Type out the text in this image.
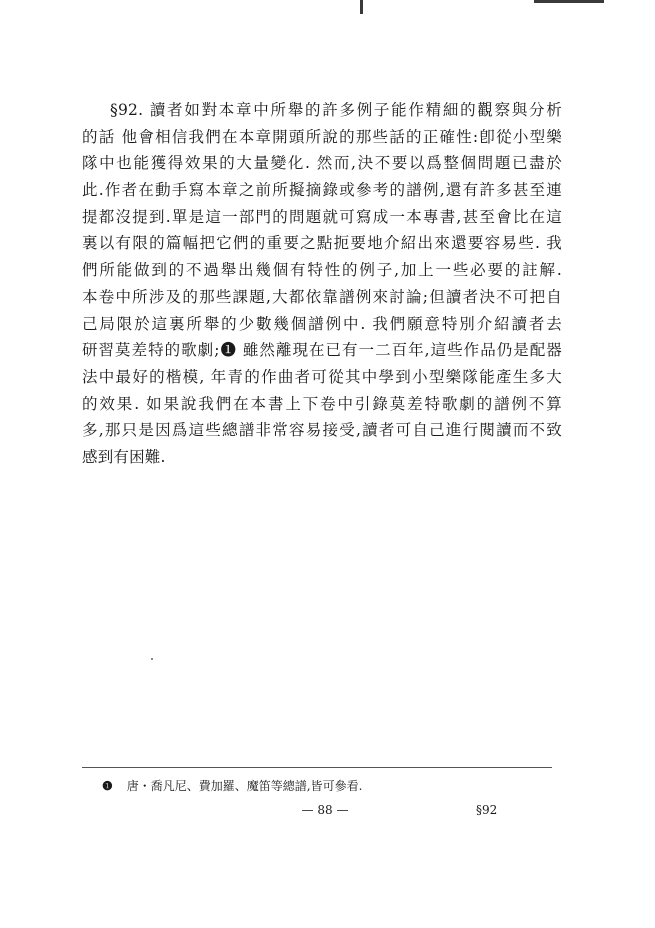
§92. 讀者如對本章中所舉的許多例子能作精細的觀察與分析
的話 他會相信我們在本章開頭所說的那些話的正確性:卽從小型樂
隊中也能獲得效果的大量變化. 然而,決不要以爲整個問題已盡於
此.作者在動手寫本章之前所擬摘錄或參考的譜例,還有許多甚至連
提都沒提到.單是這一部門的問題就可寫成一本專書,甚至會比在這
裏以有限的篇幅把它們的重要之點扼要地介紹出來還要容易些. 我
們所能做到的不過舉出幾個有特性的例子,加上一些必要的註解.
本卷中所涉及的那些課題,大都依靠譜例來討論;但讀者決不可把自
己局限於這裏所舉的少數幾個譜例中. 我們願意特別介紹讀者去
研習莫差特的歌劇;❶ 雖然離現在已有一二百年,這些作品仍是配器
法中最好的楷模, 年青的作曲者可從其中學到小型樂隊能產生多大
的效果. 如果說我們在本書上下卷中引錄莫差特歌劇的譜例不算
多,那只是因爲這些總譜非常容易接受,讀者可自己進行閱讀而不致
感到有困難.
❶ 唐・喬凡尼、費加羅、魔笛等總譜,皆可參看.
— 88 —	§92
